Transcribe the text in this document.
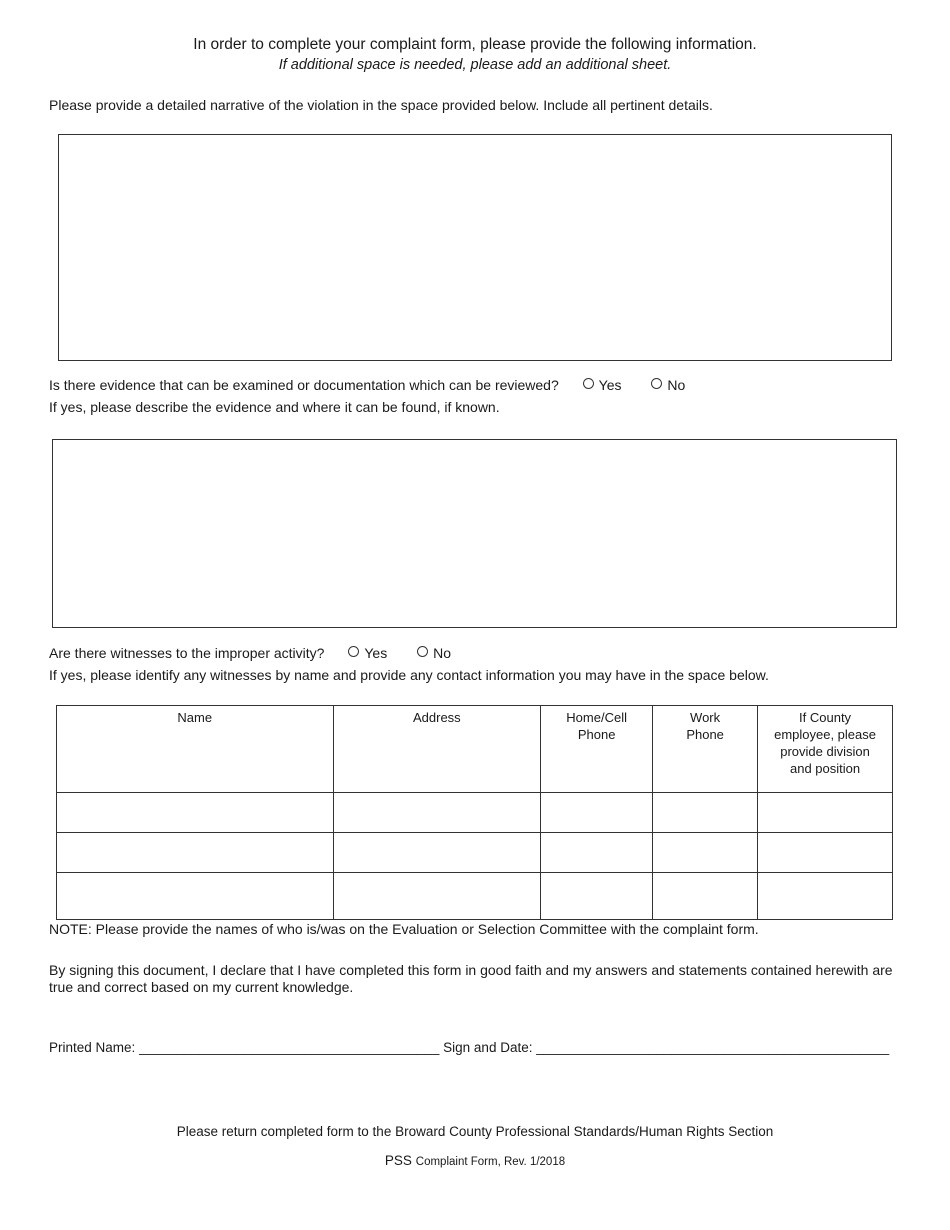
In order to complete your complaint form, please provide the following information.
If additional space is needed, please add an additional sheet.
Please provide a detailed narrative of the violation in the space provided below. Include all pertinent details.
Is there evidence that can be examined or documentation which can be reviewed?	Yes	No
If yes, please describe the evidence and where it can be found, if known.
Are there witnesses to the improper activity?	Yes	No
If yes, please identify any witnesses by name and provide any contact information you may have in the space below.
Name	Address	Home/Cell Phone	Work Phone	If County employee, please provide division and position

NOTE: Please provide the names of who is/was on the Evaluation or Selection Committee with the complaint form.
By signing this document, I declare that I have completed this form in good faith and my answers and statements contained herewith are true and correct based on my current knowledge.
Printed Name: ________________________________________ Sign and Date: _______________________________________________
Please return completed form to the Broward County Professional Standards/Human Rights Section
PSS Complaint Form, Rev. 1/2018
